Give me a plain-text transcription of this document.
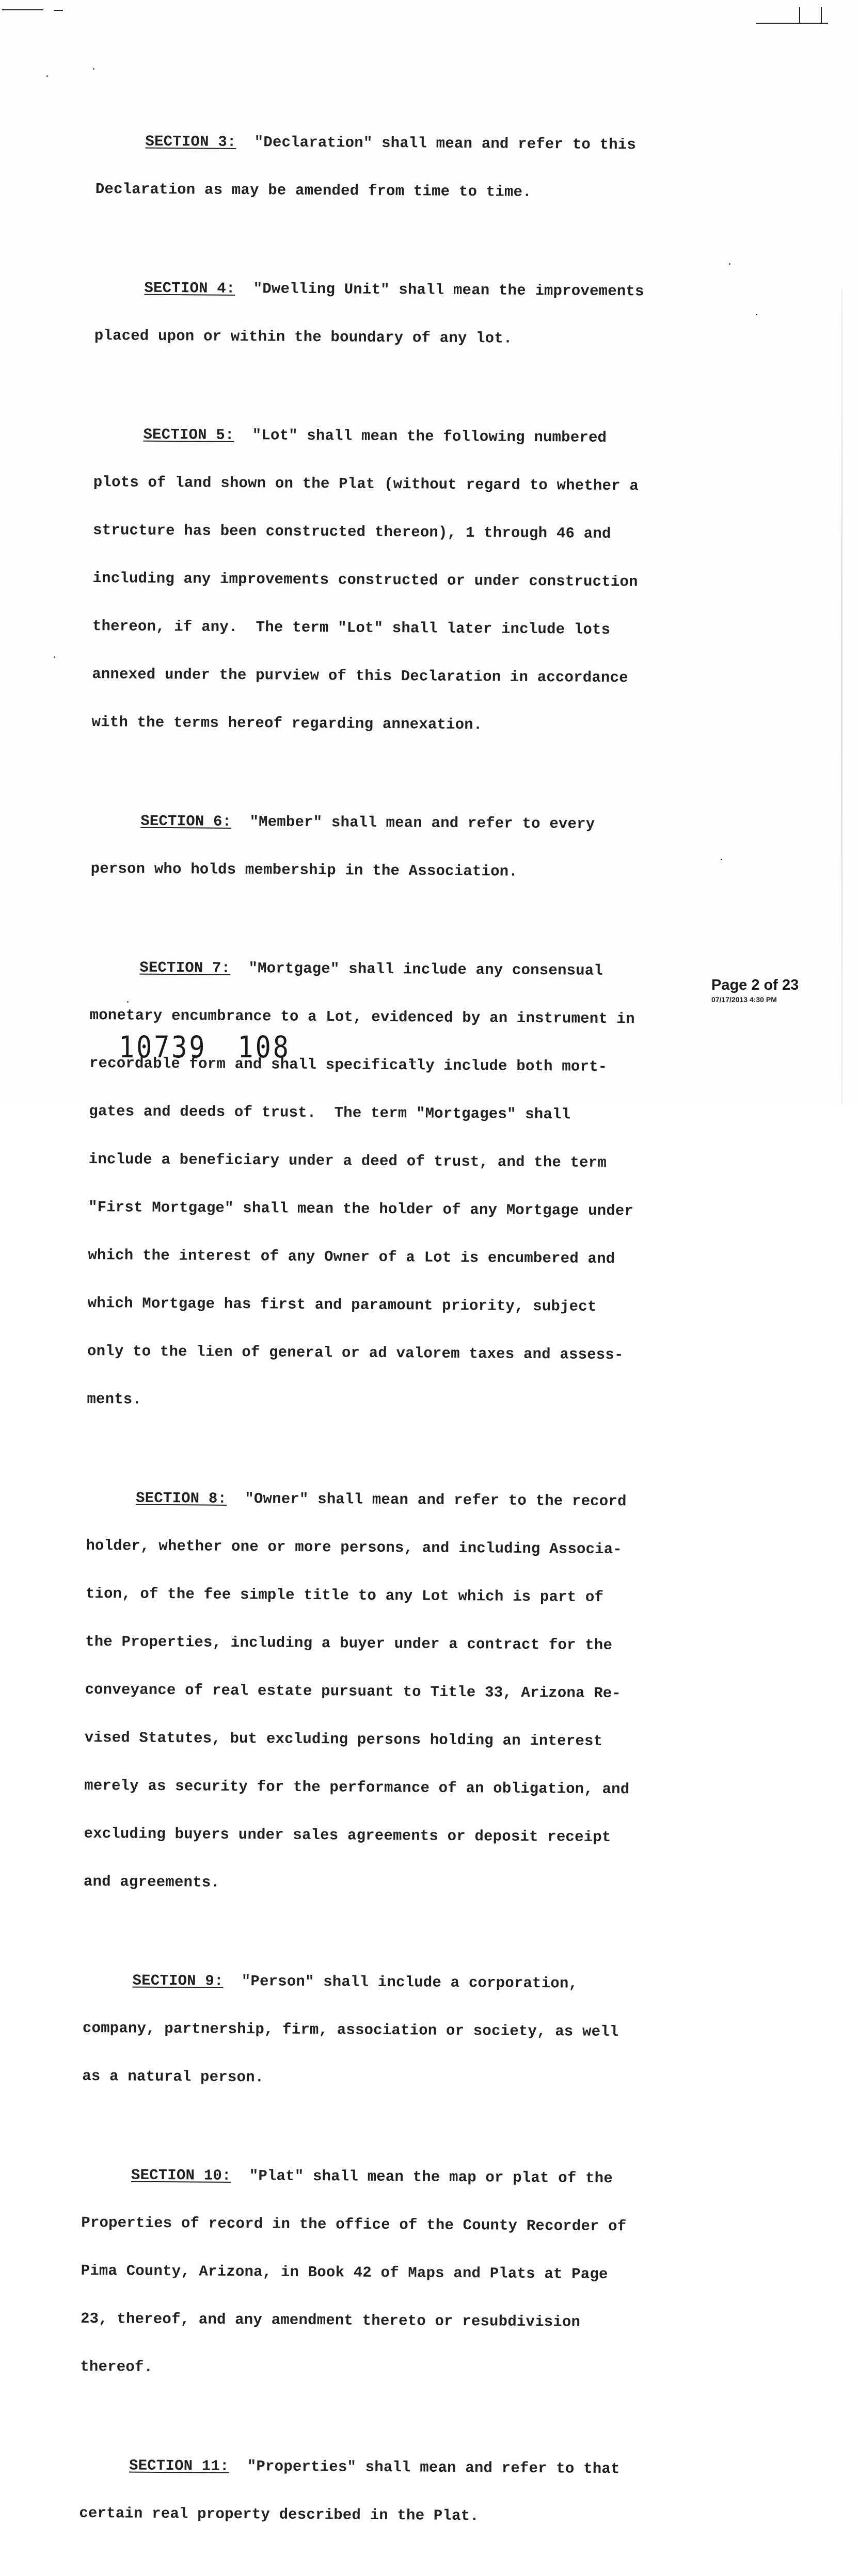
SECTION 3:  "Declaration" shall mean and refer to this

Declaration as may be amended from time to time.

SECTION 4:  "Dwelling Unit" shall mean the improvements

placed upon or within the boundary of any lot.

SECTION 5:  "Lot" shall mean the following numbered

plots of land shown on the Plat (without regard to whether a

structure has been constructed thereon), 1 through 46 and

including any improvements constructed or under construction

thereon, if any.  The term "Lot" shall later include lots

annexed under the purview of this Declaration in accordance

with the terms hereof regarding annexation.

SECTION 6:  "Member" shall mean and refer to every

person who holds membership in the Association.

SECTION 7:  "Mortgage" shall include any consensual

monetary encumbrance to a Lot, evidenced by an instrument in

recordable form and shall specifically include both mort-

gates and deeds of trust.  The term "Mortgages" shall

include a beneficiary under a deed of trust, and the term

"First Mortgage" shall mean the holder of any Mortgage under

which the interest of any Owner of a Lot is encumbered and

which Mortgage has first and paramount priority, subject

only to the lien of general or ad valorem taxes and assess-

ments.

SECTION 8:  "Owner" shall mean and refer to the record

holder, whether one or more persons, and including Associa-

tion, of the fee simple title to any Lot which is part of

the Properties, including a buyer under a contract for the

conveyance of real estate pursuant to Title 33, Arizona Re-

vised Statutes, but excluding persons holding an interest

merely as security for the performance of an obligation, and

excluding buyers under sales agreements or deposit receipt

and agreements.

SECTION 9:  "Person" shall include a corporation,

company, partnership, firm, association or society, as well

as a natural person.

SECTION 10:  "Plat" shall mean the map or plat of the

Properties of record in the office of the County Recorder of

Pima County, Arizona, in Book 42 of Maps and Plats at Page

23, thereof, and any amendment thereto or resubdivision

thereof.

SECTION 11:  "Properties" shall mean and refer to that

certain real property described in the Plat.

Page 2 of 23
07/17/2013 4:30 PM
10739 108
